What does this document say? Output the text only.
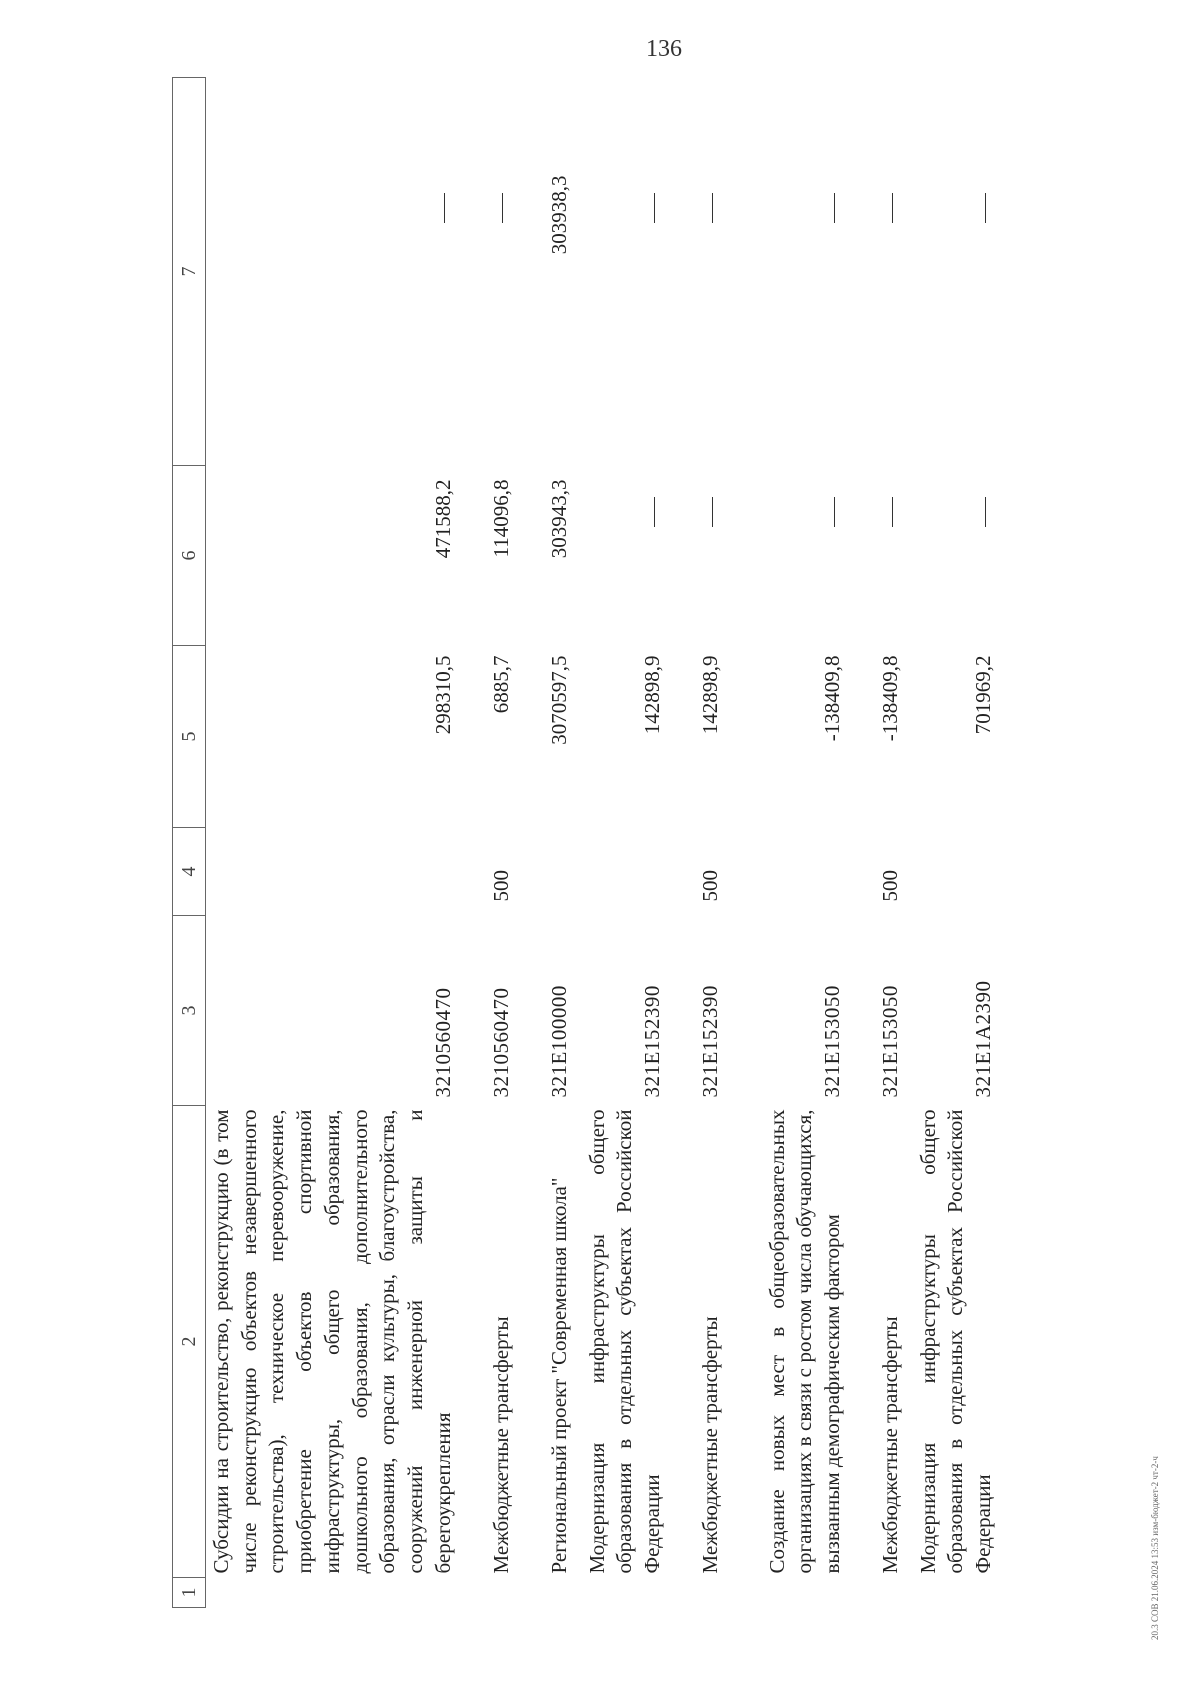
136
1	2	3	4	5	6	7
	Субсидии на строительство, реконструкцию (в том числе реконструкцию объектов незавершенного строительства), техническое перевооружение, приобретение объектов спортивной инфраструктуры, общего образования, дошкольного образования, дополнительного образования, отрасли культуры, благоустройства, сооружений инженерной защиты и берегоукрепления	3210560470		298310,5	471588,2	
	Межбюджетные трансферты	3210560470	500	6885,7	114096,8	
	Региональный проект "Современная школа"	321Е100000		3070597,5	303943,3	303938,3
	Модернизация инфраструктуры общего образования в отдельных субъектах Российской Федерации	321Е152390		142898,9		
	Межбюджетные трансферты	321Е152390	500	142898,9		
	Создание новых мест в общеобразовательных организациях в связи с ростом числа обучающихся, вызванным демографическим фактором	321Е153050		-138409,8		
	Межбюджетные трансферты	321Е153050	500	-138409,8		
	Модернизация инфраструктуры общего образования в отдельных субъектах Российской Федерации	321Е1А2390		701969,2		
20.3 СОВ 21.06.2024 13:53 изм-бюджет-2 чт-2-ч
